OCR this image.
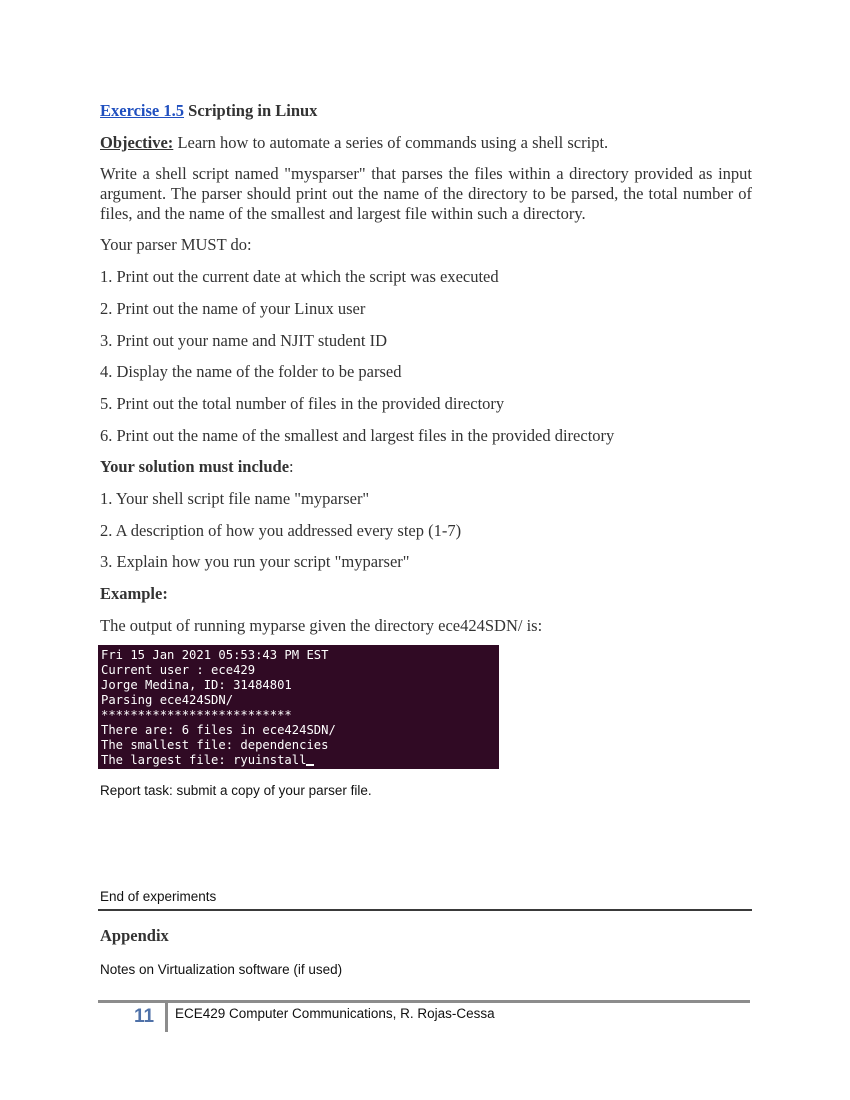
Exercise 1.5 Scripting in Linux
Objective: Learn how to automate a series of commands using a shell script.
Write a shell script named "mysparser" that parses the files within a directory provided as input argument. The parser should print out the name of the directory to be parsed, the total number of files, and the name of the smallest and largest file within such a directory.
Your parser MUST do:
1. Print out the current date at which the script was executed
2. Print out the name of your Linux user
3. Print out your name and NJIT student ID
4. Display the name of the folder to be parsed
5. Print out the total number of files in the provided directory
6. Print out the name of the smallest and largest files in the provided directory
Your solution must include:
1. Your shell script file name "myparser"
2. A description of how you addressed every step (1-7)
3. Explain how you run your script "myparser"
Example:
The output of running myparse given the directory ece424SDN/ is:
Fri 15 Jan 2021 05:53:43 PM EST
Current user : ece429
Jorge Medina, ID: 31484801
Parsing ece424SDN/
**************************
There are: 6 files in ece424SDN/
The smallest file: dependencies
The largest file: ryuinstall
Report task: submit a copy of your parser file.
End of experiments
Appendix
Notes on Virtualization software (if used)
11 ECE429 Computer Communications, R. Rojas-Cessa
